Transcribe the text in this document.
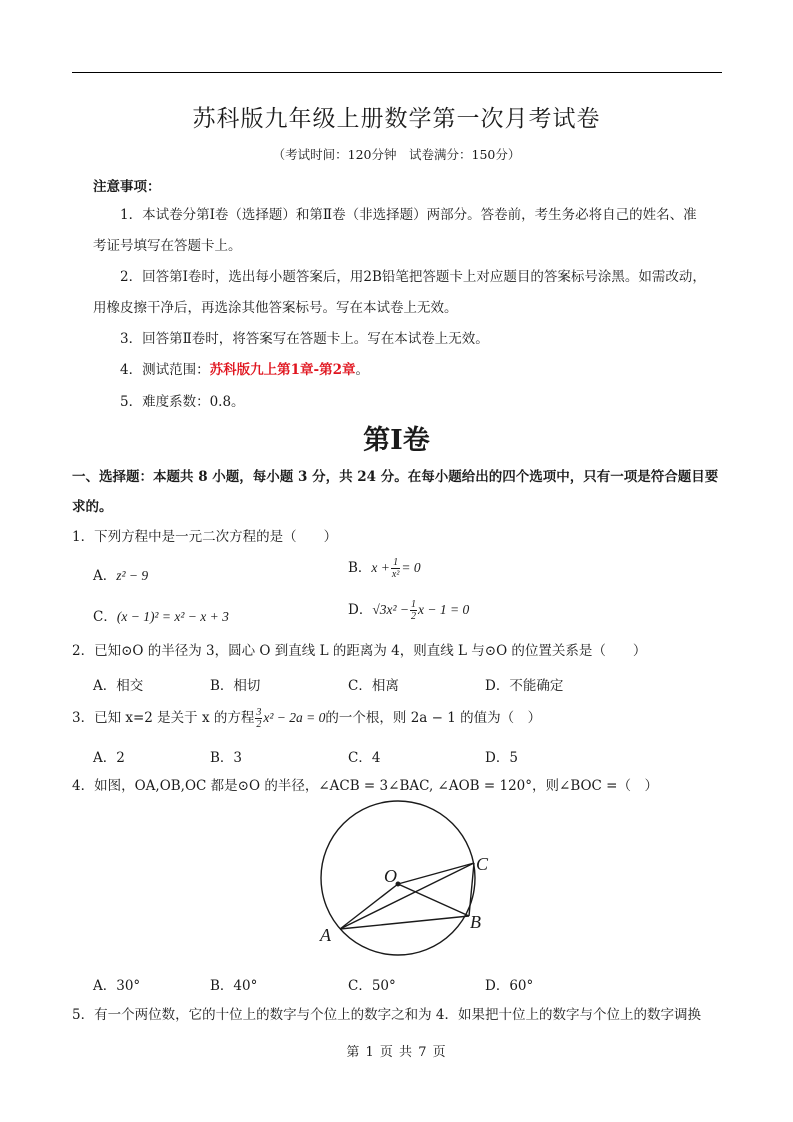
苏科版九年级上册数学第一次月考试卷
（考试时间：120分钟　试卷满分：150分）
注意事项：
1．本试卷分第Ⅰ卷（选择题）和第Ⅱ卷（非选择题）两部分。答卷前，考生务必将自己的姓名、准
考证号填写在答题卡上。
2．回答第Ⅰ卷时，选出每小题答案后，用2B铅笔把答题卡上对应题目的答案标号涂黑。如需改动，
用橡皮擦干净后，再选涂其他答案标号。写在本试卷上无效。
3．回答第Ⅱ卷时，将答案写在答题卡上。写在本试卷上无效。
4．测试范围：苏科版九上第1章-第2章。
5．难度系数：0.8。
第Ⅰ卷
一、选择题：本题共 8 小题，每小题 3 分，共 24 分。在每小题给出的四个选项中，只有一项是符合题目要
求的。
1．下列方程中是一元二次方程的是（　　）
A．z² − 9	B．$x + \frac{1}{\text{x²}} = 0$
C．(x − 1)² = x² − x + 3	D．$√3x^2 - \frac{1}{2}$ x − 1 = 0
2．已知⊙O 的半径为 3，圆心 O 到直线 L 的距离为 4，则直线 L 与⊙O 的位置关系是（　　）
A．相交	B．相切	C．相离	D．不能确定
3．已知 x=2 是关于 x 的方程 $\frac{3}{2} x^2 - 2a = 0$的一个根，则 2a − 1 的值为（　）
A．2	B．3	C．4	D．5
4．如图，OA,OB,OC 都是⊙O 的半径，∠ACB = 3∠BAC, ∠AOB = 120°，则∠BOC =（　）
O
A
B
C
A．30°	B．40°	C．50°	D．60°
5．有一个两位数，它的十位上的数字与个位上的数字之和为 4．如果把十位上的数字与个位上的数字调换
第 1 页 共 7 页
